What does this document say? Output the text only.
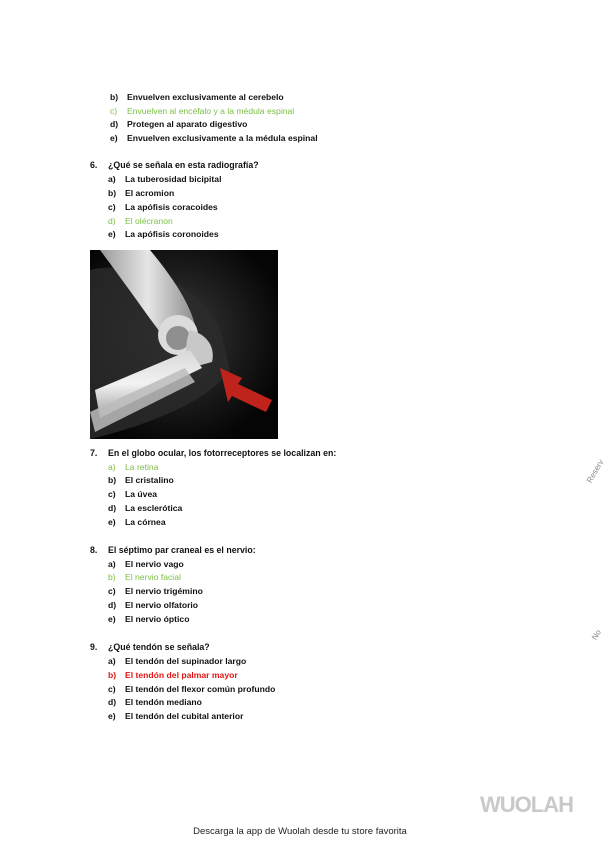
b) Envuelven exclusivamente al cerebelo
c) Envuelven al encéfalo y a la médula espinal
d) Protegen al aparato digestivo
e) Envuelven exclusivamente a la médula espinal
6. ¿Qué se señala en esta radiografía?
a) La tuberosidad bicipital
b) El acromion
c) La apófisis coracoides
d) El olécranon
e) La apófisis coronoides
7. En el globo ocular, los fotorreceptores se localizan en:
a) La retina
b) El cristalino
c) La úvea
d) La esclerótica
e) La córnea
8. El séptimo par craneal es el nervio:
a) El nervio vago
b) El nervio facial
c) El nervio trigémino
d) El nervio olfatorio
e) El nervio óptico
9. ¿Qué tendón se señala?
a) El tendón del supinador largo
b) El tendón del palmar mayor
c) El tendón del flexor común profundo
d) El tendón mediano
e) El tendón del cubital anterior
Reserv
No
WUOLAH
Descarga la app de Wuolah desde tu store favorita
